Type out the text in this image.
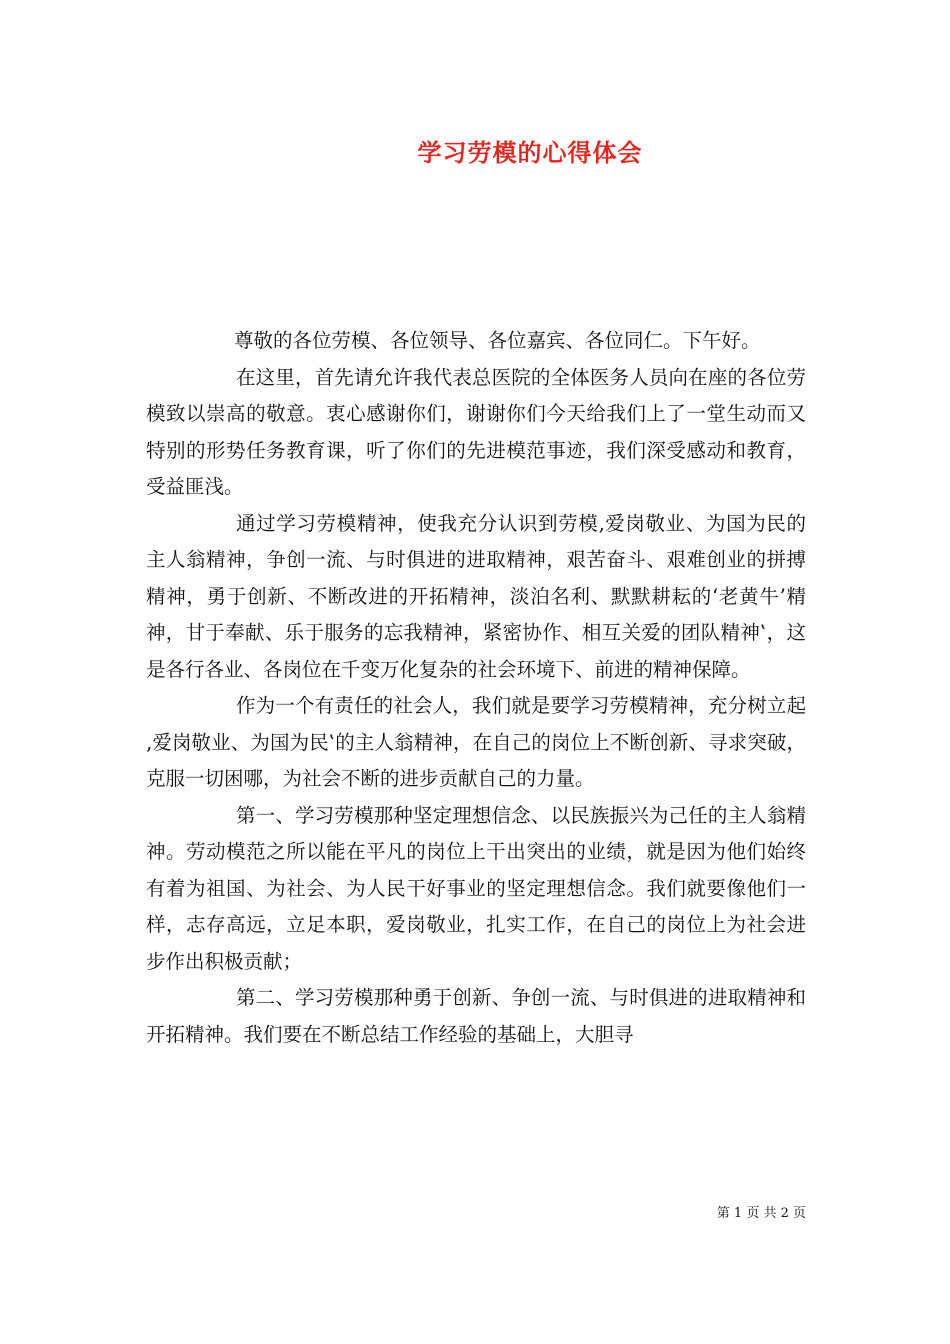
学习劳模的心得体会

尊敬的各位劳模、各位领导、各位嘉宾、各位同仁。下午好。

在这里，首先请允许我代表总医院的全体医务人员向在座的各位劳模致以崇高的敬意。衷心感谢你们，谢谢你们今天给我们上了一堂生动而又特别的形势任务教育课，听了你们的先进模范事迹，我们深受感动和教育，受益匪浅。

通过学习劳模精神，使我充分认识到劳模‚爱岗敬业、为国为民的主人翁精神，争创一流、与时俱进的进取精神，艰苦奋斗、艰难创业的拼搏精神，勇于创新、不断改进的开拓精神，淡泊名利、默默耕耘的‘老黄牛’精神，甘于奉献、乐于服务的忘我精神，紧密协作、相互关爱的团队精神‛，这是各行各业、各岗位在千变万化复杂的社会环境下、前进的精神保障。

作为一个有责任的社会人，我们就是要学习劳模精神，充分树立起‚爱岗敬业、为国为民‛的主人翁精神，在自己的岗位上不断创新、寻求突破，克服一切困哪，为社会不断的进步贡献自己的力量。

第一、学习劳模那种坚定理想信念、以民族振兴为己任的主人翁精神。劳动模范之所以能在平凡的岗位上干出突出的业绩，就是因为他们始终有着为祖国、为社会、为人民干好事业的坚定理想信念。我们就要像他们一样，志存高远，立足本职，爱岗敬业，扎实工作，在自己的岗位上为社会进步作出积极贡献；

第二、学习劳模那种勇于创新、争创一流、与时俱进的进取精神和开拓精神。我们要在不断总结工作经验的基础上，大胆寻

第 1 页 共 2 页
